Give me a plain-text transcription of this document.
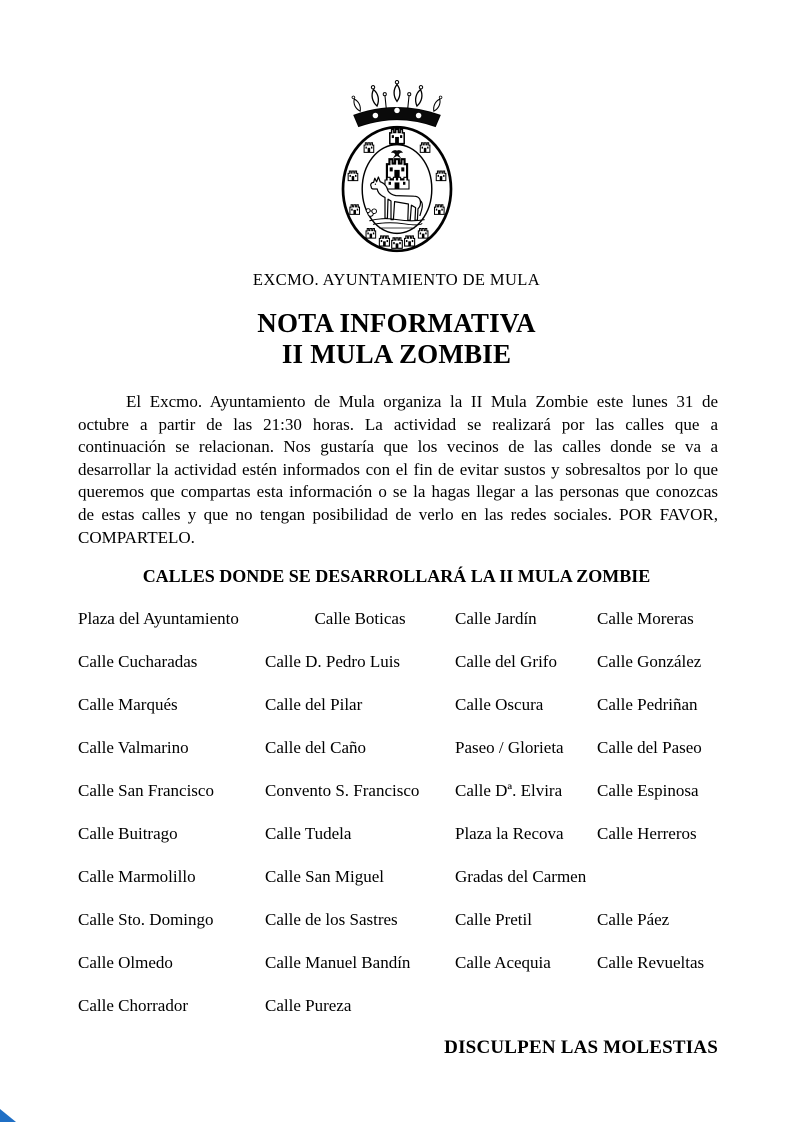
EXCMO. AYUNTAMIENTO DE MULA
NOTA INFORMATIVA
II MULA ZOMBIE

El Excmo. Ayuntamiento de Mula organiza la II Mula Zombie este lunes 31 de octubre a partir de las 21:30 horas. La actividad se realizará por las calles que a continuación se relacionan. Nos gustaría que los vecinos de las calles donde se va a desarrollar la actividad estén informados con el fin de evitar sustos y sobresaltos por lo que queremos que compartas esta información o se la hagas llegar a las personas que conozcas de estas calles y que no tengan posibilidad de verlo en las redes sociales. POR FAVOR, COMPARTELO.

CALLES DONDE SE DESARROLLARÁ LA II MULA ZOMBIE
Plaza del Ayuntamiento	Calle Boticas	Calle Jardín	Calle Moreras
Calle Cucharadas	Calle D. Pedro Luis	Calle del Grifo	Calle González
Calle Marqués	Calle del Pilar	Calle Oscura	Calle Pedriñan
Calle Valmarino	Calle del Caño	Paseo / Glorieta	Calle del Paseo
Calle San Francisco	Convento S. Francisco	Calle Dª. Elvira	Calle Espinosa
Calle Buitrago	Calle Tudela	Plaza la Recova	Calle Herreros
Calle Marmolillo	Calle San Miguel	Gradas del Carmen	
Calle Sto. Domingo	Calle de los Sastres	Calle Pretil	Calle Páez
Calle Olmedo	Calle Manuel Bandín	Calle Acequia	Calle Revueltas
Calle Chorrador	Calle Pureza		
DISCULPEN LAS MOLESTIAS
